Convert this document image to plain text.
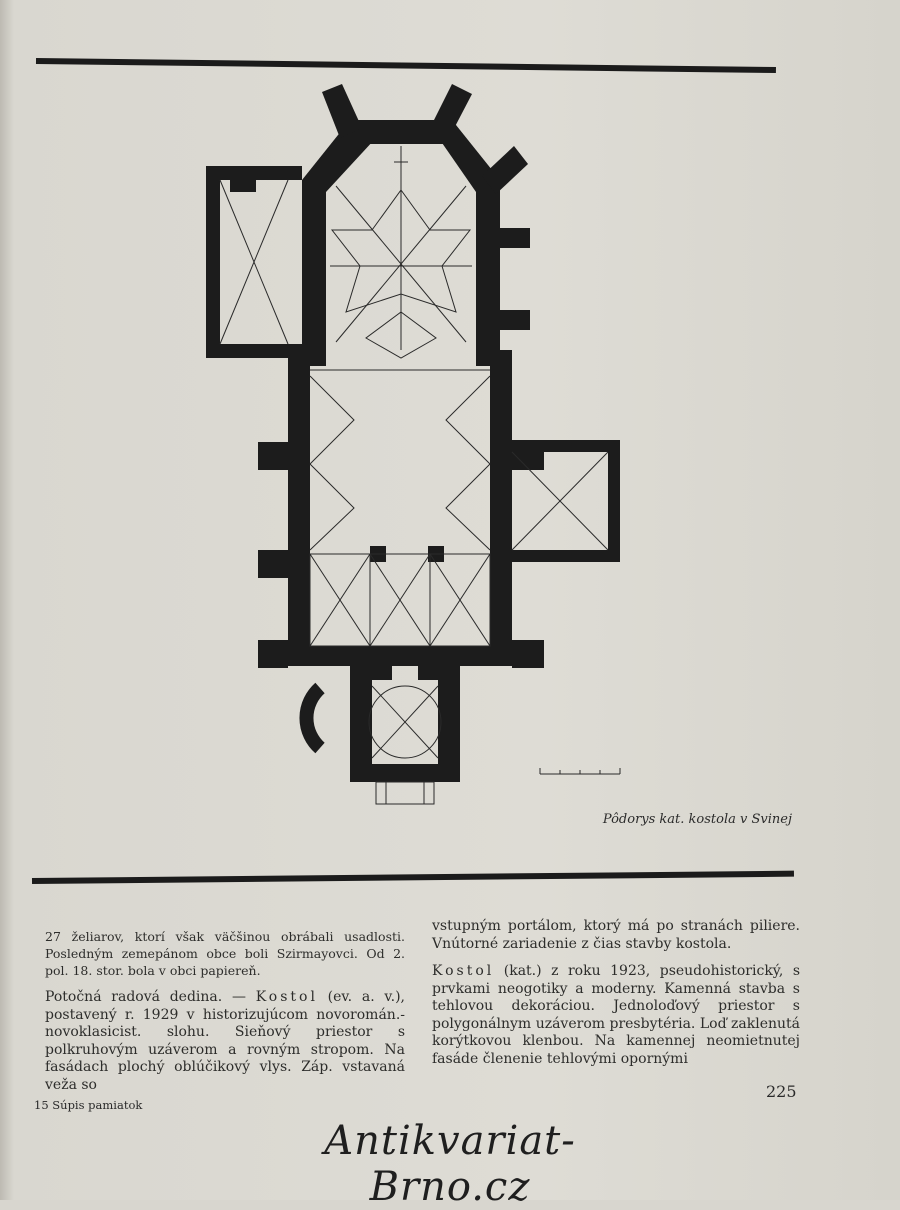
Pôdorys kat. kostola v Svinej

27 želiarov, ktorí však väčšinou obrábali usadlosti. Posledným zemepánom obce boli Szirmayovci. Od 2. pol. 18. stor. bola v obci papiereň.

Potočná radová dedina. — Kostol (ev. a. v.), postavený r. 1929 v historizujúcom novoromán.-novoklasicist. slohu. Sieňový priestor s polkruhovým uzáverom a rovným stropom. Na fasádach plochý oblúčikový vlys. Záp. vstavaná veža so

vstupným portálom, ktorý má po stranách piliere. Vnútorné zariadenie z čias stavby kostola.

Kostol (kat.) z roku 1923, pseudohistorický, s prvkami neogotiky a moderny. Kamenná stavba s tehlovou dekoráciou. Jednoloďový priestor s polygonálnym uzáverom presbytéria. Loď zaklenutá korýtkovou klenbou. Na kamennej neomietnutej fasáde členenie tehlovými opornými

225
15 Súpis pamiatok
Antikvariat-Brno.cz
